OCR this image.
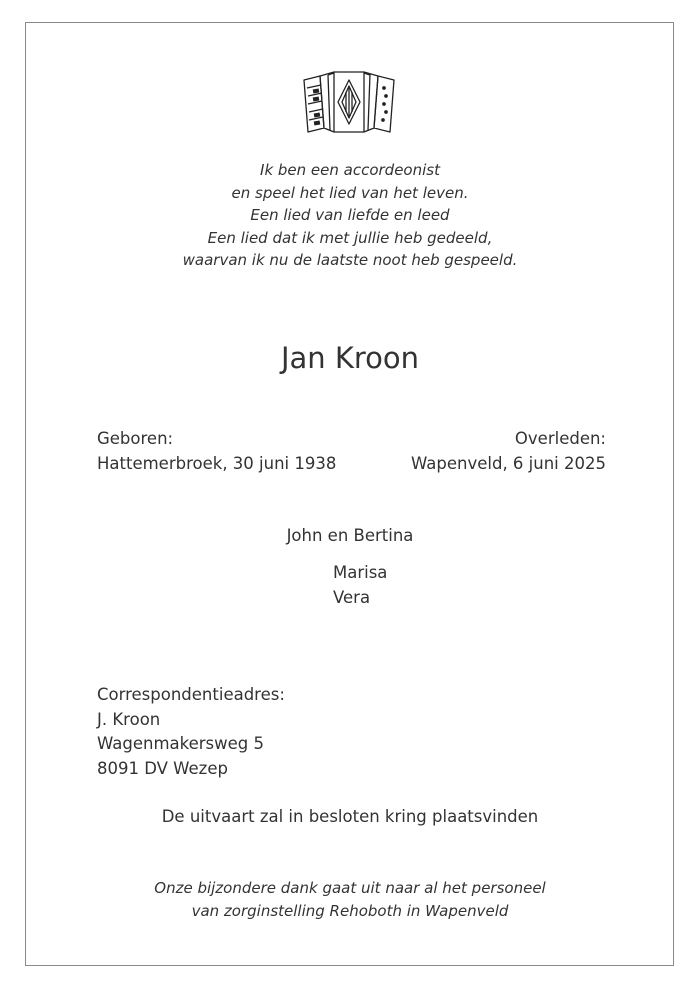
Ik ben een accordeonist
en speel het lied van het leven.
Een lied van liefde en leed
Een lied dat ik met jullie heb gedeeld,
waarvan ik nu de laatste noot heb gespeeld.
Jan Kroon
Geboren:
Hattemerbroek, 30 juni 1938
Overleden:
Wapenveld, 6 juni 2025
John en Bertina
Marisa
Vera
Correspondentieadres:
J. Kroon
Wagenmakersweg 5
8091 DV Wezep
De uitvaart zal in besloten kring plaatsvinden
Onze bijzondere dank gaat uit naar al het personeel
van zorginstelling Rehoboth in Wapenveld
